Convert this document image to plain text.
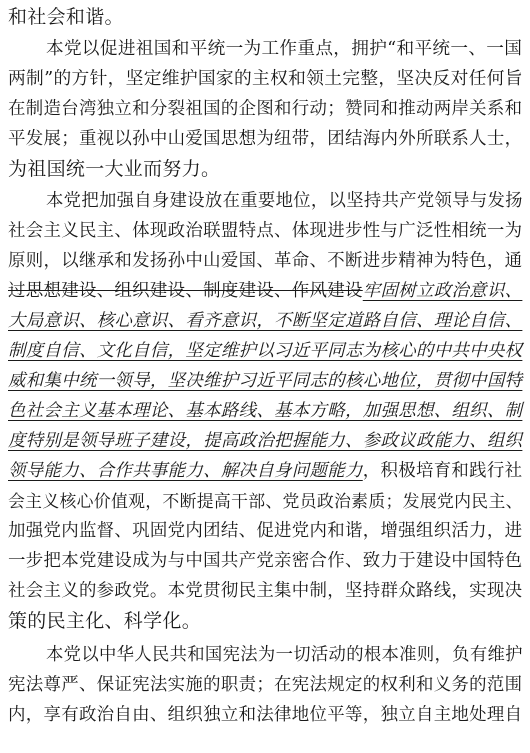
和社会和谐。
本党以促进祖国和平统一为工作重点，拥护“和平统一、一国
两制”的方针，坚定维护国家的主权和领土完整，坚决反对任何旨
在制造台湾独立和分裂祖国的企图和行动；赞同和推动两岸关系和
平发展；重视以孙中山爱国思想为纽带，团结海内外所联系人士，
为祖国统一大业而努力。
本党把加强自身建设放在重要地位，以坚持共产党领导与发扬
社会主义民主、体现政治联盟特点、体现进步性与广泛性相统一为
原则，以继承和发扬孙中山爱国、革命、不断进步精神为特色，通
过思想建设、组织建设、制度建设、作风建设牢固树立政治意识、
大局意识、核心意识、看齐意识，不断坚定道路自信、理论自信、
制度自信、文化自信，坚定维护以习近平同志为核心的中共中央权
威和集中统一领导，坚决维护习近平同志的核心地位，贯彻中国特
色社会主义基本理论、基本路线、基本方略，加强思想、组织、制
度特别是领导班子建设，提高政治把握能力、参政议政能力、组织
领导能力、合作共事能力、解决自身问题能力，积极培育和践行社
会主义核心价值观，不断提高干部、党员政治素质；发展党内民主、
加强党内监督、巩固党内团结、促进党内和谐，增强组织活力，进
一步把本党建设成为与中国共产党亲密合作、致力于建设中国特色
社会主义的参政党。本党贯彻民主集中制，坚持群众路线，实现决
策的民主化、科学化。
本党以中华人民共和国宪法为一切活动的根本准则，负有维护
宪法尊严、保证宪法实施的职责；在宪法规定的权利和义务的范围
内，享有政治自由、组织独立和法律地位平等，独立自主地处理自
